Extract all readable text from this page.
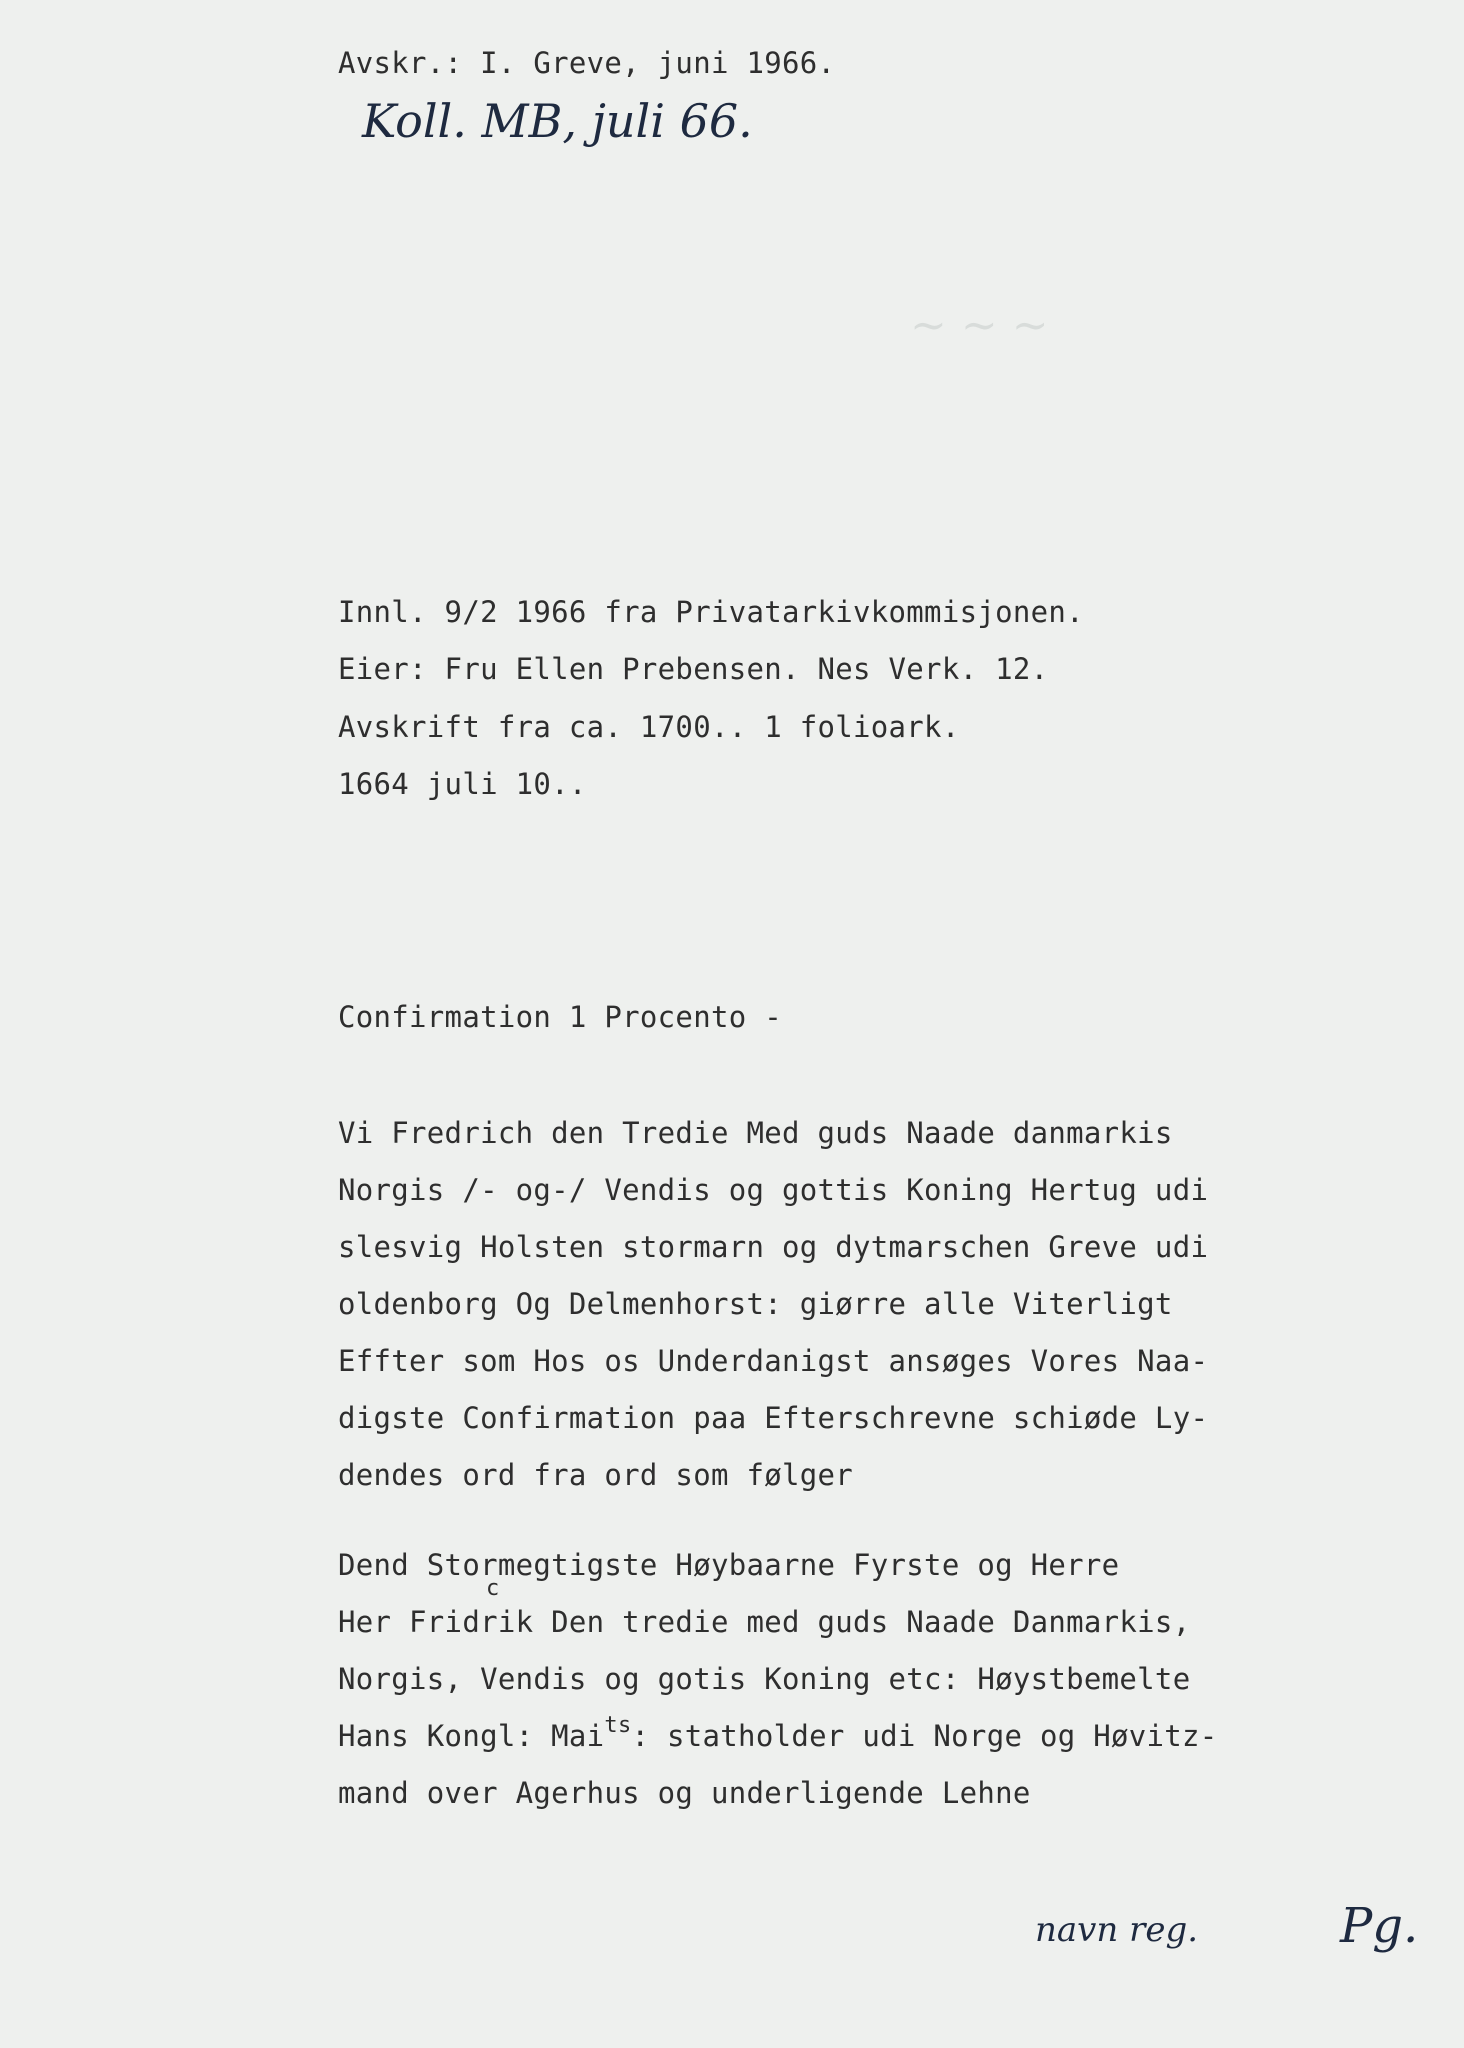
Avskr.: I. Greve, juni 1966.
Koll. MB, juli 66.
~ ~ ~
Innl. 9/2 1966 fra Privatarkivkommisjonen.
Eier: Fru Ellen Prebensen. Nes Verk. 12.
Avskrift fra ca. 1700.. 1 folioark.
1664 juli 10..
Confirmation 1 Procento -
Vi Fredrich den Tredie Med guds Naade danmarkis
Norgis /- og-/ Vendis og gottis Koning Hertug udi
slesvig Holsten stormarn og dytmarschen Greve udi
oldenborg Og Delmenhorst: giørre alle Viterligt
Effter som Hos os Underdanigst ansøges Vores Naa-
digste Confirmation paa Efterschrevne schiøde Ly-
dendes ord fra ord som følger
Dend Stormegtigste Høybaarne Fyrste og Herre
c
Her Fridrik Den tredie med guds Naade Danmarkis,
Norgis, Vendis og gotis Koning etc: Høystbemelte
Hans Kongl: Mai$^{ts}$: statholder udi Norge og Høvitz-
mand over Agerhus og underligende Lehne
navn reg.	Pg.
